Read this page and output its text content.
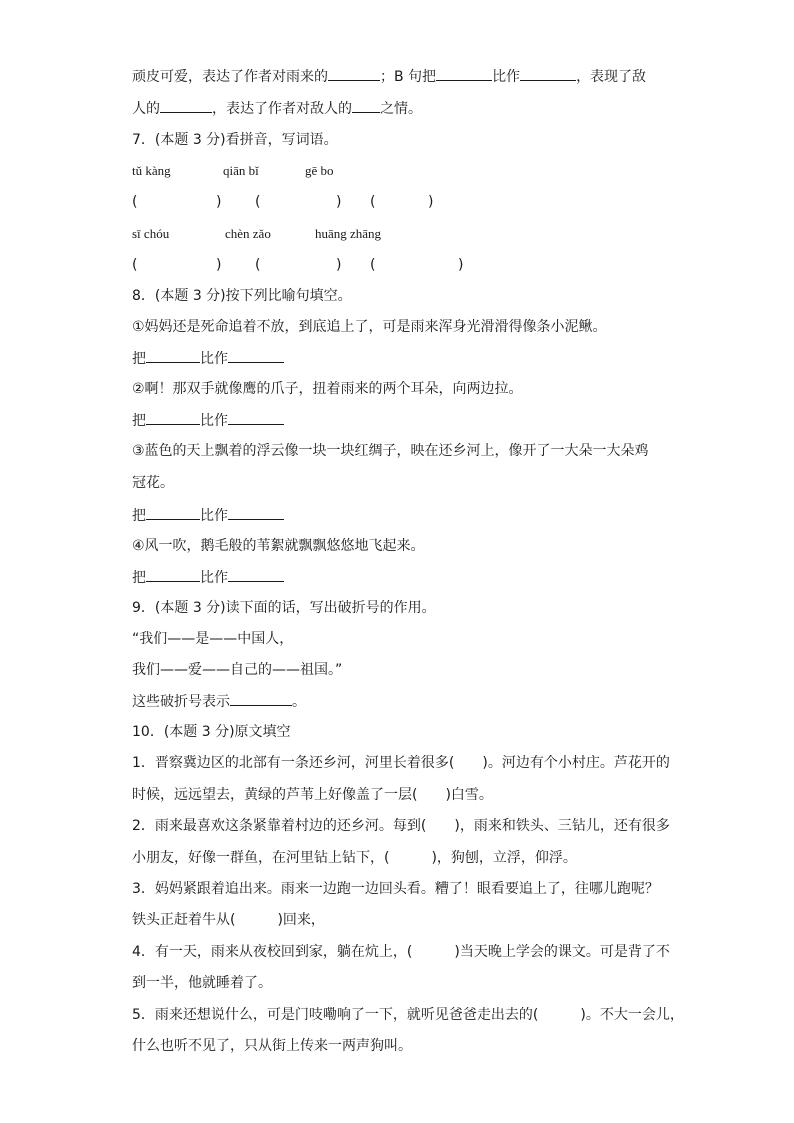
顽皮可爱，表达了作者对雨来的	；B 句把	比作	，表现了敌
人的	，表达了作者对敌人的 之情。
7．(本题 3 分)看拼音，写词语。
tǔ kàng	qiān bǐ	gē bo
(	) (	) (	)
sī chóu	chèn zǎo	huāng zhāng
(	) (	) (	)
8．(本题 3 分)按下列比喻句填空。
①妈妈还是死命追着不放，到底追上了，可是雨来浑身光滑滑得像条小泥鳅。
把	比作
②啊！那双手就像鹰的爪子，扭着雨来的两个耳朵，向两边拉。
把	比作
③蓝色的天上飘着的浮云像一块一块红绸子，映在还乡河上，像开了一大朵一大朵鸡
冠花。
把	比作
④风一吹，鹅毛般的苇絮就飘飘悠悠地飞起来。
把	比作
9．(本题 3 分)读下面的话，写出破折号的作用。
“我们——是——中国人，
我们——爱——自己的——祖国。”
这些破折号表示	。
10．(本题 3 分)原文填空
1．晋察冀边区的北部有一条还乡河，河里长着很多(　　)。河边有个小村庄。芦花开的
时候，远远望去，黄绿的芦苇上好像盖了一层(　　)白雪。
2．雨来最喜欢这条紧靠着村边的还乡河。每到(　　)，雨来和铁头、三钻儿，还有很多
小朋友，好像一群鱼，在河里钻上钻下，(　　　)，狗刨，立浮，仰浮。
3．妈妈紧跟着追出来。雨来一边跑一边回头看。糟了！眼看要追上了，往哪儿跑呢？
铁头正赶着牛从(　　　)回来，
4．有一天，雨来从夜校回到家，躺在炕上，(　　　)当天晚上学会的课文。可是背了不
到一半，他就睡着了。
5．雨来还想说什么，可是门吱嘞响了一下，就听见爸爸走出去的(　　　)。不大一会儿，
什么也听不见了，只从街上传来一两声狗叫。
